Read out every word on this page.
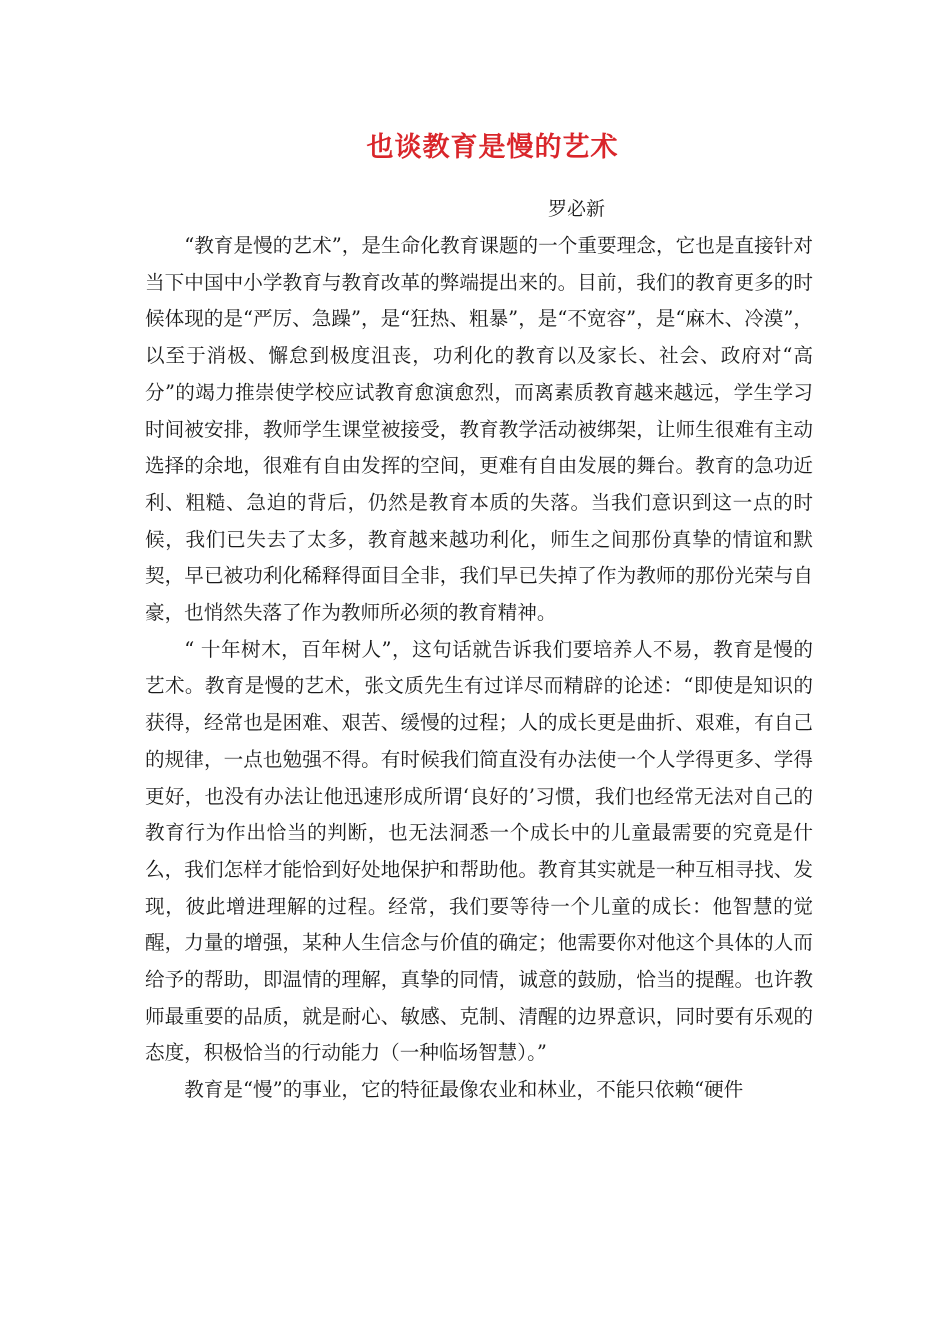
也谈教育是慢的艺术
罗必新

“教育是慢的艺术”，是生命化教育课题的一个重要理念，它也是直接针对当下中国中小学教育与教育改革的弊端提出来的。目前，我们的教育更多的时候体现的是“严厉、急躁”，是“狂热、粗暴”，是“不宽容”，是“麻木、冷漠”，以至于消极、懈怠到极度沮丧，功利化的教育以及家长、社会、政府对“高分”的竭力推崇使学校应试教育愈演愈烈，而离素质教育越来越远，学生学习时间被安排，教师学生课堂被接受，教育教学活动被绑架，让师生很难有主动选择的余地，很难有自由发挥的空间，更难有自由发展的舞台。教育的急功近利、粗糙、急迫的背后，仍然是教育本质的失落。当我们意识到这一点的时候，我们已失去了太多，教育越来越功利化，师生之间那份真挚的情谊和默契，早已被功利化稀释得面目全非，我们早已失掉了作为教师的那份光荣与自豪，也悄然失落了作为教师所必须的教育精神。

“ 十年树木，百年树人”，这句话就告诉我们要培养人不易，教育是慢的艺术。教育是慢的艺术，张文质先生有过详尽而精辟的论述：“即使是知识的获得，经常也是困难、艰苦、缓慢的过程；人的成长更是曲折、艰难，有自己的规律，一点也勉强不得。有时候我们简直没有办法使一个人学得更多、学得更好，也没有办法让他迅速形成所谓‘良好的’习惯，我们也经常无法对自己的教育行为作出恰当的判断，也无法洞悉一个成长中的儿童最需要的究竟是什么，我们怎样才能恰到好处地保护和帮助他。教育其实就是一种互相寻找、发现，彼此增进理解的过程。经常，我们要等待一个儿童的成长：他智慧的觉醒，力量的增强，某种人生信念与价值的确定；他需要你对他这个具体的人而给予的帮助，即温情的理解，真挚的同情，诚意的鼓励，恰当的提醒。也许教师最重要的品质，就是耐心、敏感、克制、清醒的边界意识，同时要有乐观的态度，积极恰当的行动能力（一种临场智慧）。”

教育是“慢”的事业，它的特征最像农业和林业，不能只依赖“硬件
